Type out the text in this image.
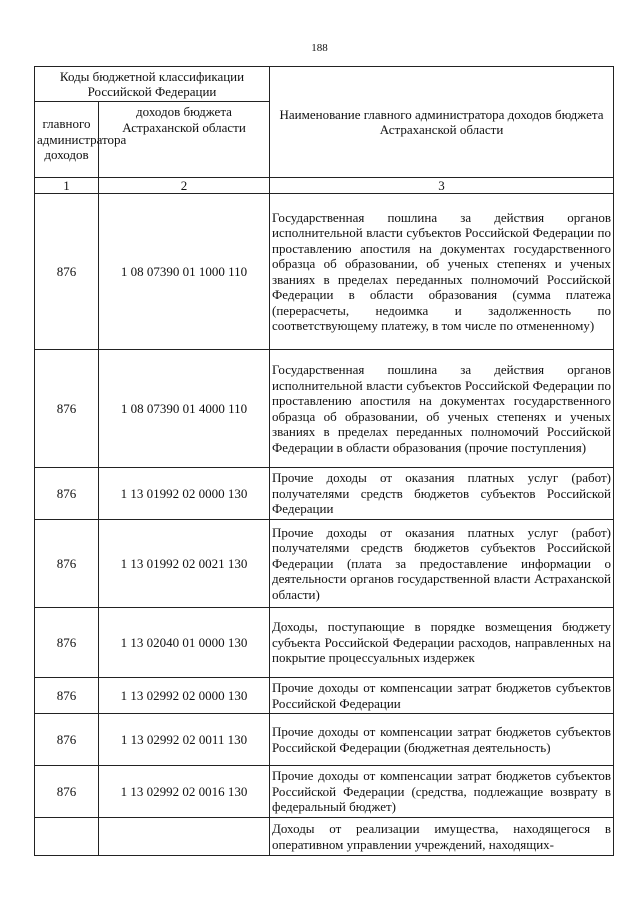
188
Коды бюджетной классификации Российской Федерации		Наименование главного администратора доходов бюджета Астраханской области
главного администратора доходов	доходов бюджета Астраханской области	
1	2	3
876	1 08 07390 01 1000 110	Государственная пошлина за действия органов исполнительной власти субъектов Российской Федерации по проставлению апостиля на документах государственного образца об образовании, об ученых степенях и ученых званиях в пределах переданных полномочий Российской Федерации в области образования (сумма платежа (перерасчеты, недоимка и задолженность по соответствующему платежу, в том числе по отмененному)
876	1 08 07390 01 4000 110	Государственная пошлина за действия органов исполнительной власти субъектов Российской Федерации по проставлению апостиля на документах государственного образца об образовании, об ученых степенях и ученых званиях в пределах переданных полномочий Российской Федерации в области образования (прочие поступления)
876	1 13 01992 02 0000 130	Прочие доходы от оказания платных услуг (работ) получателями средств бюджетов субъектов Российской Федерации
876	1 13 01992 02 0021 130	Прочие доходы от оказания платных услуг (работ) получателями средств бюджетов субъектов Российской Федерации (плата за предоставление информации о деятельности органов государственной власти Астраханской области)
876	1 13 02040 01 0000 130	Доходы, поступающие в порядке возмещения бюджету субъекта Российской Федерации расходов, направленных на покрытие процессуальных издержек
876	1 13 02992 02 0000 130	Прочие доходы от компенсации затрат бюджетов субъектов Российской Федерации
876	1 13 02992 02 0011 130	Прочие доходы от компенсации затрат бюджетов субъектов Российской Федерации (бюджетная деятельность)
876	1 13 02992 02 0016 130	Прочие доходы от компенсации затрат бюджетов субъектов Российской Федерации (средства, подлежащие возврату в федеральный бюджет)
		Доходы от реализации имущества, находящегося в оперативном управлении учреждений, находящих-
